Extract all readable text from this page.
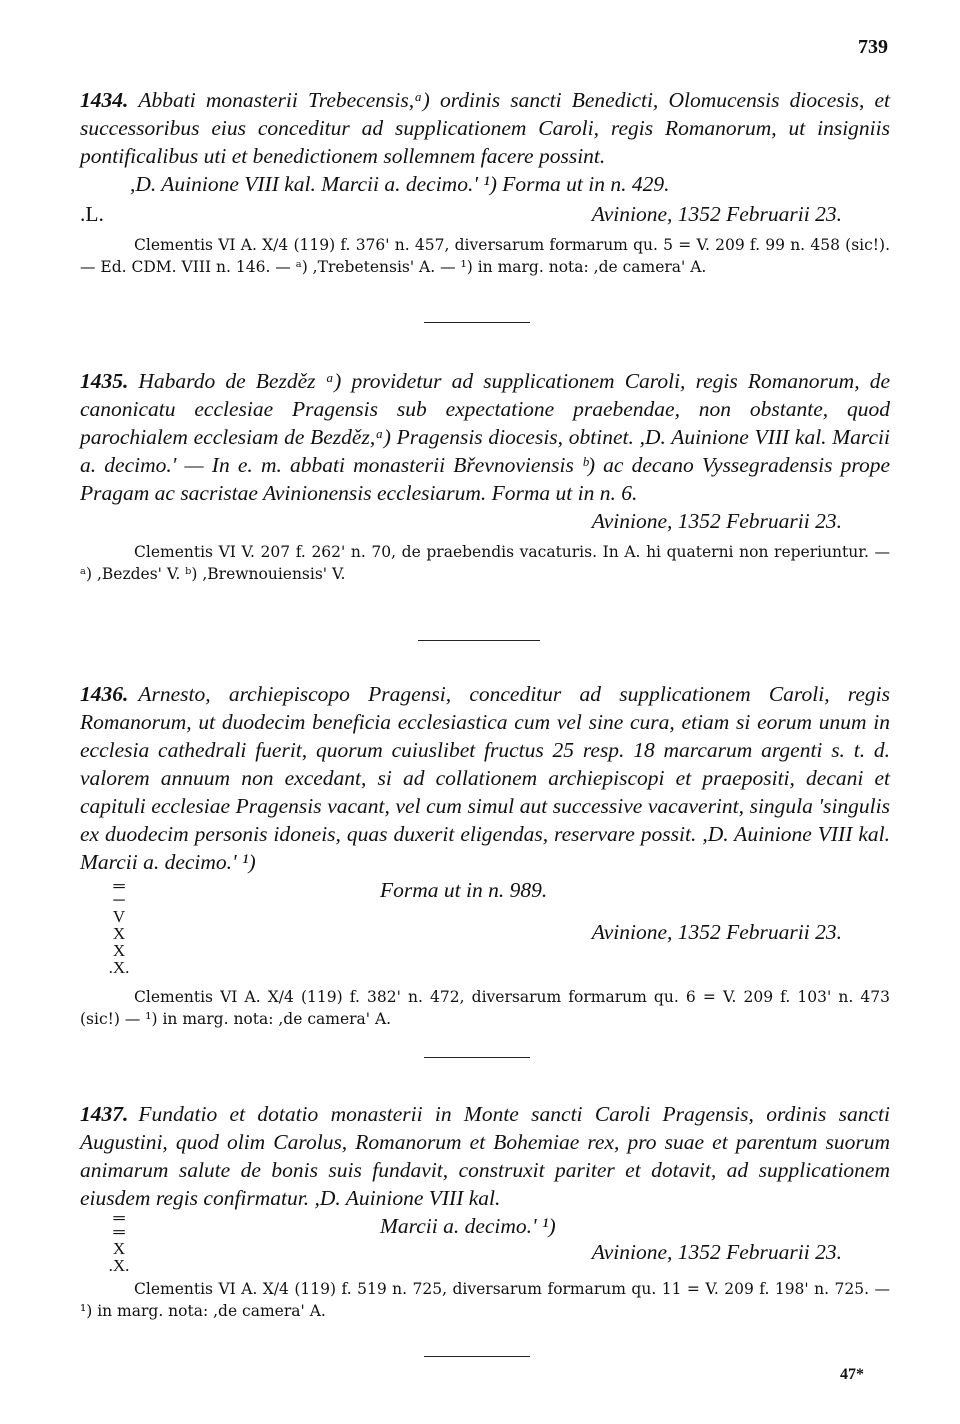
739

1434. Abbati monasterii Trebecensis,ᵃ) ordinis sancti Benedicti, Olomucensis diocesis, et successoribus eius conceditur ad supplicationem Caroli, regis Romanorum, ut insigniis pontificalibus uti et benedictionem sollemnem facere possint.

,D. Auinione VIII kal. Marcii a. decimo.' ¹) Forma ut in n. 429.
.L.	Avinione, 1352 Februarii 23.

Clementis VI A. X/4 (119) f. 376' n. 457, diversarum formarum qu. 5 = V. 209 f. 99 n. 458 (sic!). — Ed. CDM. VIII n. 146. — ᵃ) ,Trebetensis' A. — ¹) in marg. nota: ,de camera' A.

1435. Habardo de Bezděz ᵃ) providetur ad supplicationem Caroli, regis Romanorum, de canonicatu ecclesiae Pragensis sub expectatione praebendae, non obstante, quod parochialem ecclesiam de Bezděz,ᵃ) Pragensis diocesis, obtinet. ,D. Auinione VIII kal. Marcii a. decimo.' — In e. m. abbati monasterii Břevnoviensis ᵇ) ac decano Vyssegradensis prope Pragam ac sacristae Avinionensis ecclesiarum. Forma ut in n. 6.

Avinione, 1352 Februarii 23.

Clementis VI V. 207 f. 262' n. 70, de praebendis vacaturis. In A. hi quaterni non reperiuntur. — ᵃ) ,Bezdes' V. ᵇ) ,Brewnouiensis' V.

1436. Arnesto, archiepiscopo Pragensi, conceditur ad supplicationem Caroli, regis Romanorum, ut duodecim beneficia ecclesiastica cum vel sine cura, etiam si eorum unum in ecclesia cathedrali fuerit, quorum cuiuslibet fructus 25 resp. 18 marcarum argenti s. t. d. valorem annuum non excedant, si ad collationem archiepiscopi et praepositi, decani et capituli ecclesiae Pragensis vacant, vel cum simul aut successive vacaverint, singula 'singulis ex duodecim personis idoneis, quas duxerit eligendas, reservare possit. ,D. Auinione VIII kal. Marcii a. decimo.' ¹)

Forma ut in n. 989.
Avinione, 1352 Februarii 23.

Clementis VI A. X/4 (119) f. 382' n. 472, diversarum formarum qu. 6 = V. 209 f. 103' n. 473 (sic!) — ¹) in marg. nota: ,de camera' A.

═
─
V
X
X
.X.

1437. Fundatio et dotatio monasterii in Monte sancti Caroli Pragensis, ordinis sancti Augustini, quod olim Carolus, Romanorum et Bohemiae rex, pro suae et parentum suorum animarum salute de bonis suis fundavit, construxit pariter et dotavit, ad supplicationem eiusdem regis confirmatur. ,D. Auinione VIII kal.

Marcii a. decimo.' ¹)
Avinione, 1352 Februarii 23.

Clementis VI A. X/4 (119) f. 519 n. 725, diversarum formarum qu. 11 = V. 209 f. 198' n. 725. — ¹) in marg. nota: ,de camera' A.

═
═
X
.X.
47*
